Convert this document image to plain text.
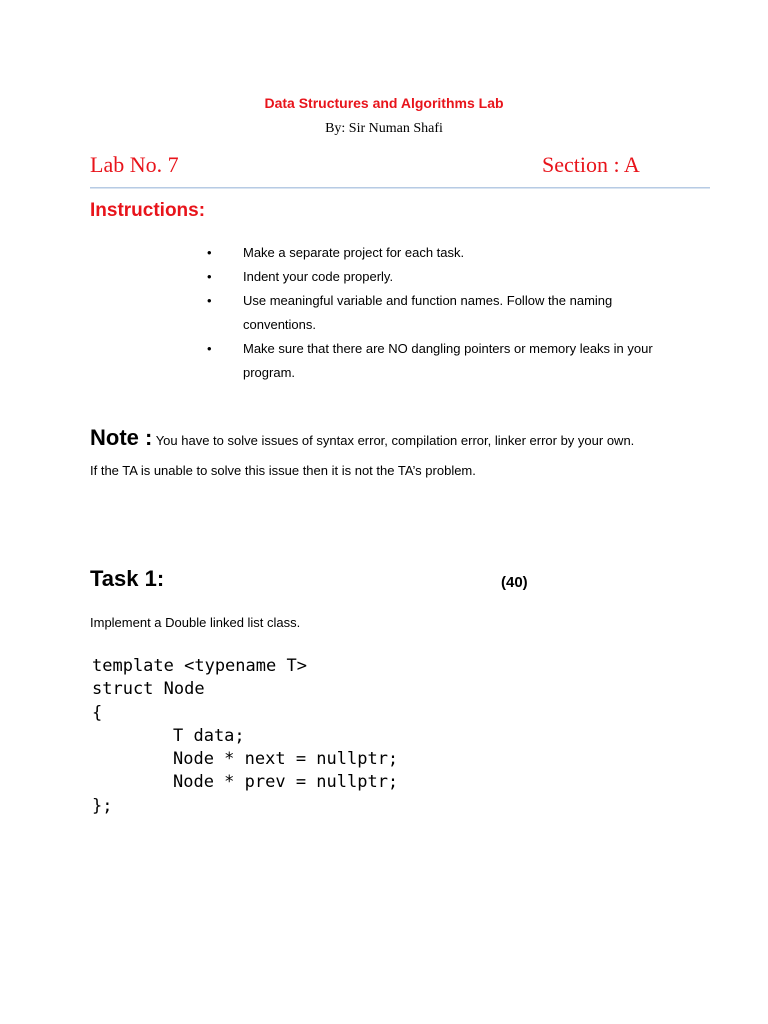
Data Structures and Algorithms Lab
By: Sir Numan Shafi
Lab No. 7	Section : A
Instructions:
• Make a separate project for each task.
• Indent your code properly.
• Use meaningful variable and function names. Follow the naming conventions.
• Make sure that there are NO dangling pointers or memory leaks in your program.
Note : You have to solve issues of syntax error, compilation error, linker error by your own.
If the TA is unable to solve this issue then it is not the TA’s problem.
Task 1:	(40)
Implement a Double linked list class.
template <typename T>
struct Node
{
T data;
Node * next = nullptr;
Node * prev = nullptr;
};
